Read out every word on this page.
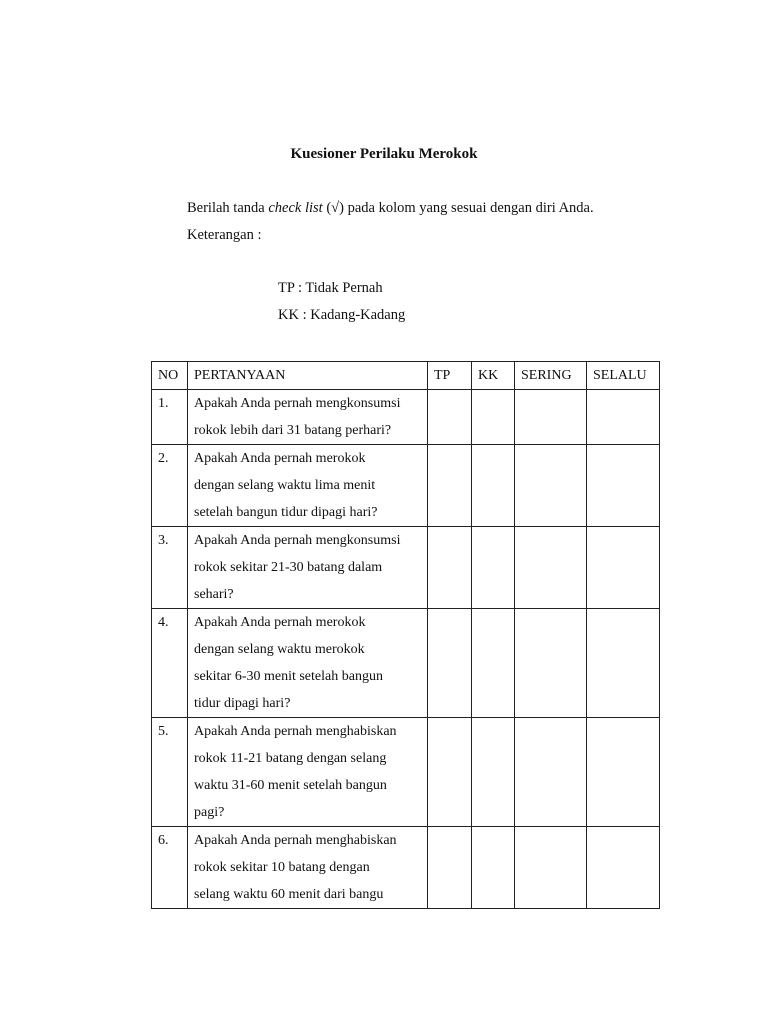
Kuesioner Perilaku Merokok
Berilah tanda check list (√) pada kolom yang sesuai dengan diri Anda.
Keterangan :
TP : Tidak Pernah
KK : Kadang-Kadang
NO	PERTANYAAN	TP	KK	SERING	SELALU
1.	Apakah Anda pernah mengkonsumsi
rokok lebih dari 31 batang perhari?				

2.	Apakah Anda pernah merokok
dengan selang waktu lima menit
setelah bangun tidur dipagi hari?				

3.	Apakah Anda pernah mengkonsumsi
rokok sekitar 21-30 batang dalam
sehari?				

4.	Apakah Anda pernah merokok
dengan selang waktu merokok
sekitar 6-30 menit setelah bangun
tidur dipagi hari?				

5.	Apakah Anda pernah menghabiskan
rokok 11-21 batang dengan selang
waktu 31-60 menit setelah bangun
pagi?				

6.	Apakah Anda pernah menghabiskan
rokok sekitar 10 batang dengan
selang waktu 60 menit dari bangu				
